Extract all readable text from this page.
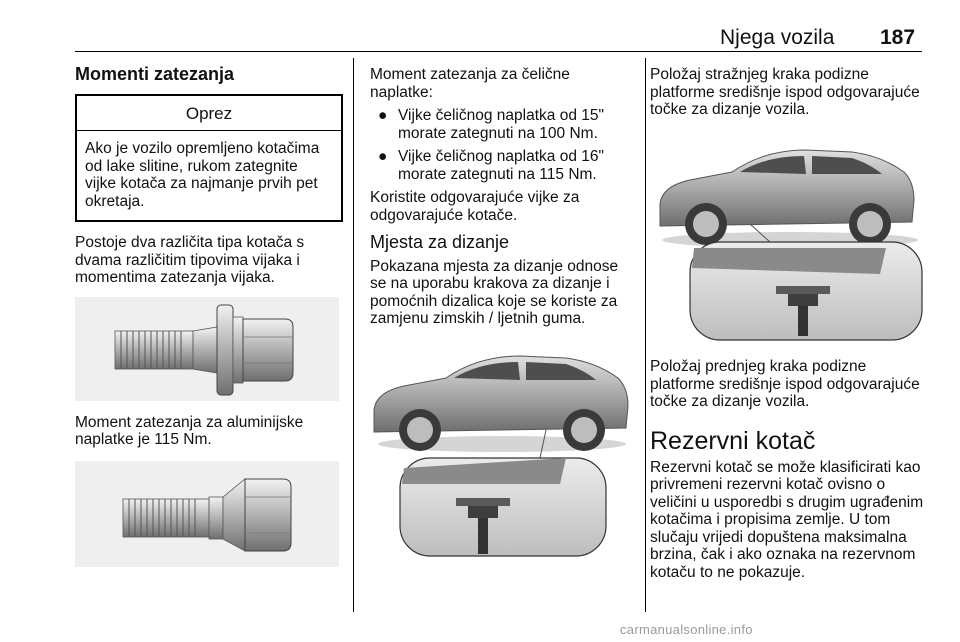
Njega vozila 187

Momenti zatezanja

Oprez
Ako je vozilo opremljeno kotačima od lake slitine, rukom zategnite vijke kotača za najmanje prvih pet okretaja.

Postoje dva različita tipa kotača s dvama različitim tipovima vijaka i momentima zatezanja vijaka.

Moment zatezanja za aluminijske naplatke je 115 Nm.

Moment zatezanja za čelične naplatke:

● Vijke čeličnog naplatka od 15" morate zategnuti na 100 Nm.
● Vijke čeličnog naplatka od 16" morate zategnuti na 115 Nm.

Koristite odgovarajuće vijke za odgovarajuće kotače.

Mjesta za dizanje

Pokazana mjesta za dizanje odnose se na uporabu krakova za dizanje i pomoćnih dizalica koje se koriste za zamjenu zimskih / ljetnih guma.

Položaj stražnjeg kraka podizne platforme središnje ispod odgovarajuće točke za dizanje vozila.

Položaj prednjeg kraka podizne platforme središnje ispod odgovarajuće točke za dizanje vozila.

Rezervni kotač

Rezervni kotač se može klasificirati kao privremeni rezervni kotač ovisno o veličini u usporedbi s drugim ugrađenim kotačima i propisima zemlje. U tom slučaju vrijedi dopuštena maksimalna brzina, čak i ako oznaka na rezervnom kotaču to ne pokazuje.

carmanualsonline.info
